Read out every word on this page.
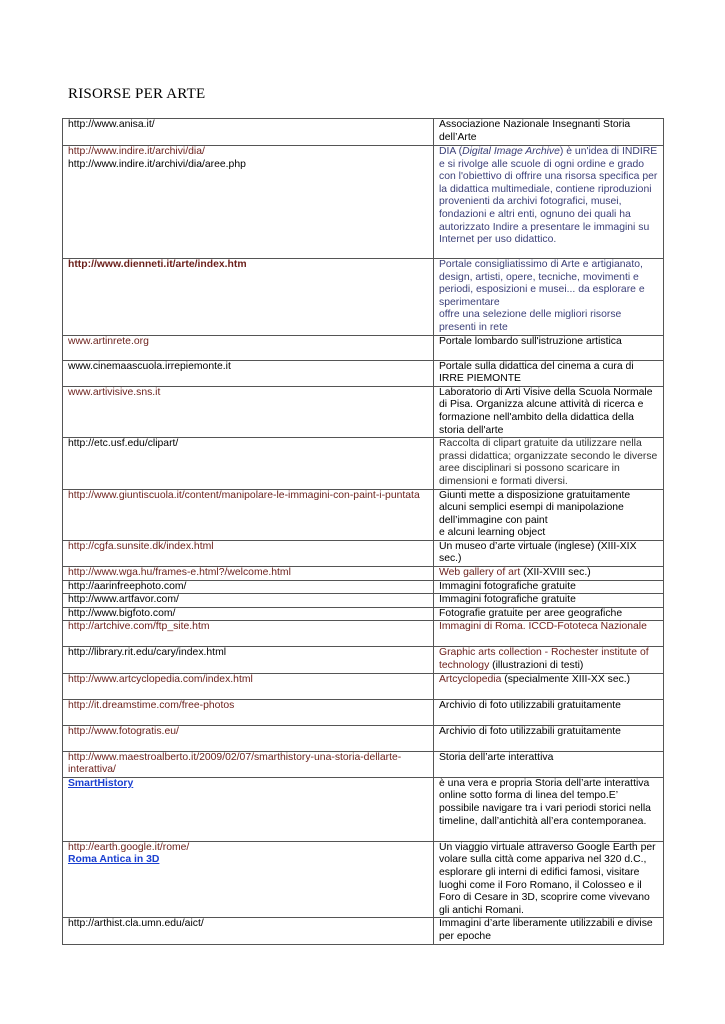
RISORSE PER ARTE
http://www.anisa.it/	Associazione Nazionale Insegnanti Storia dell’Arte

http://www.indire.it/archivi/dia/
http://www.indire.it/archivi/dia/aree.php	DIA (Digital Image Archive) è un'idea di INDIRE e si rivolge alle scuole di ogni ordine e grado con l'obiettivo di offrire una risorsa specifica per la didattica multimediale, contiene riproduzioni provenienti da archivi fotografici, musei, fondazioni e altri enti, ognuno dei quali ha autorizzato Indire a presentare le immagini su Internet per uso didattico.

http://www.dienneti.it/arte/index.htm	Portale consigliatissimo di Arte e artigianato, design, artisti, opere, tecniche, movimenti e periodi, esposizioni e musei... da esplorare e sperimentare
offre una selezione delle migliori risorse presenti in rete

www.artinrete.org	Portale lombardo sull'istruzione artistica

www.cinemaascuola.irrepiemonte.it	Portale sulla didattica del cinema a cura di IRRE PIEMONTE

www.artivisive.sns.it	Laboratorio di Arti Visive della Scuola Normale di Pisa. Organizza alcune attività di ricerca e formazione nell'ambito della didattica della storia dell'arte

http://etc.usf.edu/clipart/	Raccolta di clipart gratuite da utilizzare nella prassi didattica; organizzate secondo le diverse aree disciplinari si possono scaricare in dimensioni e formati diversi.

http://www.giuntiscuola.it/content/manipolare-le-immagini-con-paint-i-puntata	Giunti mette a disposizione gratuitamente alcuni semplici esempi di manipolazione dell’immagine con paint
e alcuni learning object

http://cgfa.sunsite.dk/index.html	Un museo d’arte virtuale (inglese) (XIII-XIX sec.)

http://www.wga.hu/frames-e.html?/welcome.html	Web gallery of art (XII-XVIII sec.)

http://aarinfreephoto.com/	Immagini fotografiche gratuite

http://www.artfavor.com/	Immagini fotografiche gratuite

http://www.bigfoto.com/	Fotografie gratuite per aree geografiche

http://artchive.com/ftp_site.htm	Immagini di Roma. ICCD-Fototeca Nazionale

http://library.rit.edu/cary/index.html	Graphic arts collection - Rochester institute of technology (illustrazioni di testi)

http://www.artcyclopedia.com/index.html	Artcyclopedia (specialmente XIII-XX sec.)

http://it.dreamstime.com/free-photos	Archivio di foto utilizzabili gratuitamente

http://www.fotogratis.eu/	Archivio di foto utilizzabili gratuitamente

http://www.maestroalberto.it/2009/02/07/smarthistory-una-storia-dellarte-interattiva/	Storia dell’arte interattiva

SmartHistory	è una vera e propria Storia dell’arte interattiva online sotto forma di linea del tempo.E’ possibile navigare tra i vari periodi storici nella timeline, dall’antichità all’era contemporanea.

http://earth.google.it/rome/
Roma Antica in 3D	Un viaggio virtuale attraverso Google Earth per volare sulla città come appariva nel 320 d.C., esplorare gli interni di edifici famosi, visitare luoghi come il Foro Romano, il Colosseo e il Foro di Cesare in 3D, scoprire come vivevano gli antichi Romani.

http://arthist.cla.umn.edu/aict/	Immagini d’arte liberamente utilizzabili e divise per epoche
